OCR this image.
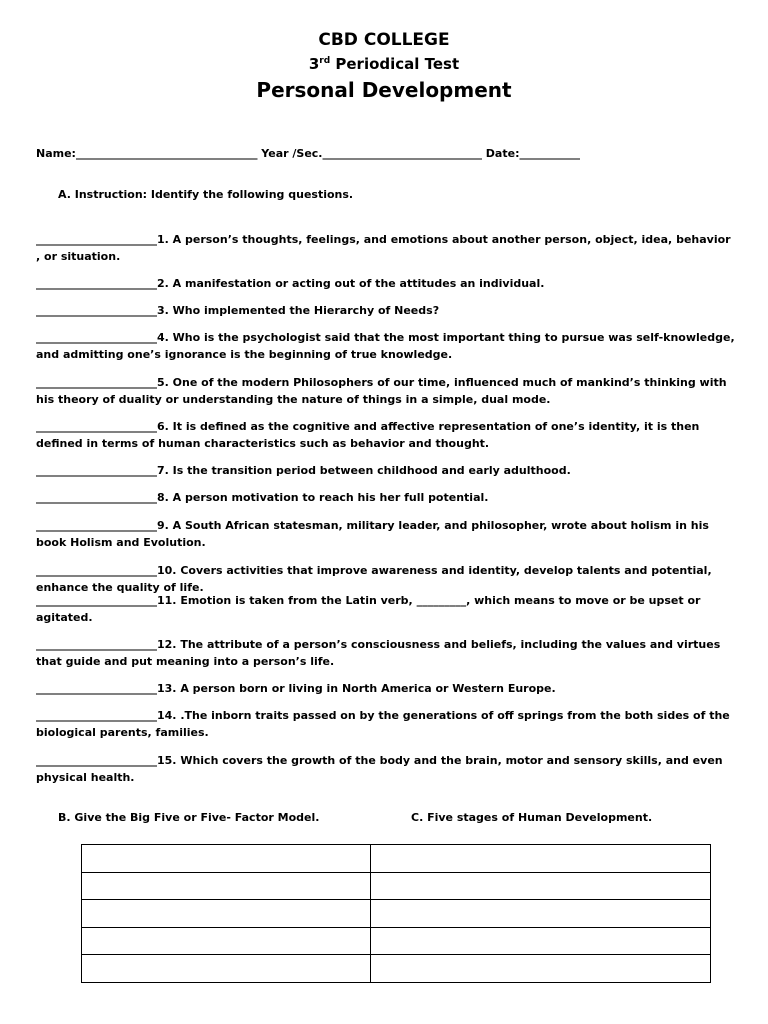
CBD COLLEGE
3rd Periodical Test
Personal Development
Name:_________________________________ Year /Sec._____________________________ Date:___________
A. Instruction: Identify the following questions.
______________________1. A person’s thoughts, feelings, and emotions about another person, object, idea, behavior , or situation.
______________________2. A manifestation or acting out of the attitudes an individual.
______________________3. Who implemented the Hierarchy of Needs?
______________________4. Who is the psychologist said that the most important thing to pursue was self-knowledge, and admitting one’s ignorance is the beginning of true knowledge.
______________________5. One of the modern Philosophers of our time, influenced much of mankind’s thinking with his theory of duality or understanding the nature of things in a simple, dual mode.
______________________6. It is defined as the cognitive and affective representation of one’s identity, it is then defined in terms of human characteristics such as behavior and thought.
______________________7. Is the transition period between childhood and early adulthood.
______________________8. A person motivation to reach his her full potential.
______________________9. A South African statesman, military leader, and philosopher, wrote about holism in his book Holism and Evolution.
______________________10. Covers activities that improve awareness and identity, develop talents and potential, enhance the quality of life.
______________________11. Emotion is taken from the Latin verb, _________, which means to move or be upset or agitated.
______________________12. The attribute of a person’s consciousness and beliefs, including the values and virtues that guide and put meaning into a person’s life.
______________________13. A person born or living in North America or Western Europe.
______________________14. .The inborn traits passed on by the generations of off springs from the both sides of the biological parents, families.
______________________15. Which covers the growth of the body and the brain, motor and sensory skills, and even physical health.
B. Give the Big Five or Five- Factor Model.	C. Five stages of Human Development.
